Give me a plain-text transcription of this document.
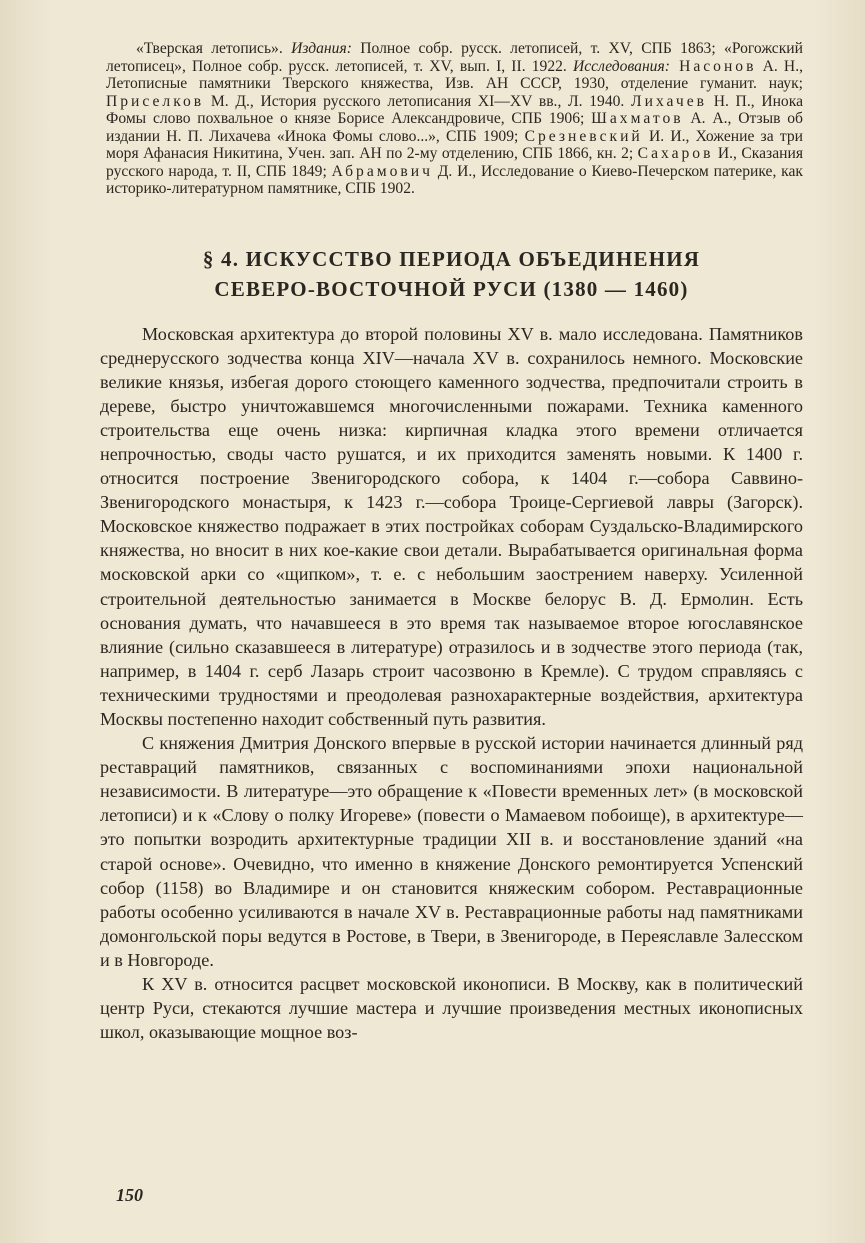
«Тверская летопись». Издания: Полное собр. русск. летописей, т. XV, СПБ 1863; «Рогожский летописец», Полное собр. русск. летописей, т. XV, вып. I, II. 1922. Исследования: Насонов А. Н., Летописные памятники Тверского княжества, Изв. АН СССР, 1930, отделение гуманит. наук; Приселков М. Д., История русского летописания XI—XV вв., Л. 1940. Лихачев Н. П., Инока Фомы слово похвальное о князе Борисе Александровиче, СПБ 1906; Шахматов А. А., Отзыв об издании Н. П. Лихачева «Инока Фомы слово...», СПБ 1909; Срезневский И. И., Хожение за три моря Афанасия Никитина, Учен. зап. АН по 2-му отделению, СПБ 1866, кн. 2; Сахаров И., Сказания русского народа, т. II, СПБ 1849; Абрамович Д. И., Исследование о Киево-Печерском патерике, как историко-литературном памятнике, СПБ 1902.

§ 4. ИСКУССТВО ПЕРИОДА ОБЪЕДИНЕНИЯ
СЕВЕРО-ВОСТОЧНОЙ РУСИ (1380 — 1460)

Московская архитектура до второй половины XV в. мало исследована. Памятников среднерусского зодчества конца XIV—начала XV в. сохранилось немного. Московские великие князья, избегая дорого стоющего каменного зодчества, предпочитали строить в дереве, быстро уничтожавшемся многочисленными пожарами. Техника каменного строительства еще очень низка: кирпичная кладка этого времени отличается непрочностью, своды часто рушатся, и их приходится заменять новыми. К 1400 г. относится построение Звенигородского собора, к 1404 г.—собора Саввино-Звенигородского монастыря, к 1423 г.—собора Троице-Сергиевой лавры (Загорск). Московское княжество подражает в этих постройках соборам Суздальско-Владимирского княжества, но вносит в них кое-какие свои детали. Вырабатывается оригинальная форма московской арки со «щипком», т. е. с небольшим заострением наверху. Усиленной строительной деятельностью занимается в Москве белорус В. Д. Ермолин. Есть основания думать, что начавшееся в это время так называемое второе югославянское влияние (сильно сказавшееся в литературе) отразилось и в зодчестве этого периода (так, например, в 1404 г. серб Лазарь строит часозвоню в Кремле). С трудом справляясь с техническими трудностями и преодолевая разнохарактерные воздействия, архитектура Москвы постепенно находит собственный путь развития.

С княжения Дмитрия Донского впервые в русской истории начинается длинный ряд реставраций памятников, связанных с воспоминаниями эпохи национальной независимости. В литературе—это обращение к «Повести временных лет» (в московской летописи) и к «Слову о полку Игореве» (повести о Мамаевом побоище), в архитектуре—это попытки возродить архитектурные традиции XII в. и восстановление зданий «на старой основе». Очевидно, что именно в княжение Донского ремонтируется Успенский собор (1158) во Владимире и он становится княжеским собором. Реставрационные работы особенно усиливаются в начале XV в. Реставрационные работы над памятниками домонгольской поры ведутся в Ростове, в Твери, в Звенигороде, в Переяславле Залесском и в Новгороде.

К XV в. относится расцвет московской иконописи. В Москву, как в политический центр Руси, стекаются лучшие мастера и лучшие произведения местных иконописных школ, оказывающие мощное воз-

150
